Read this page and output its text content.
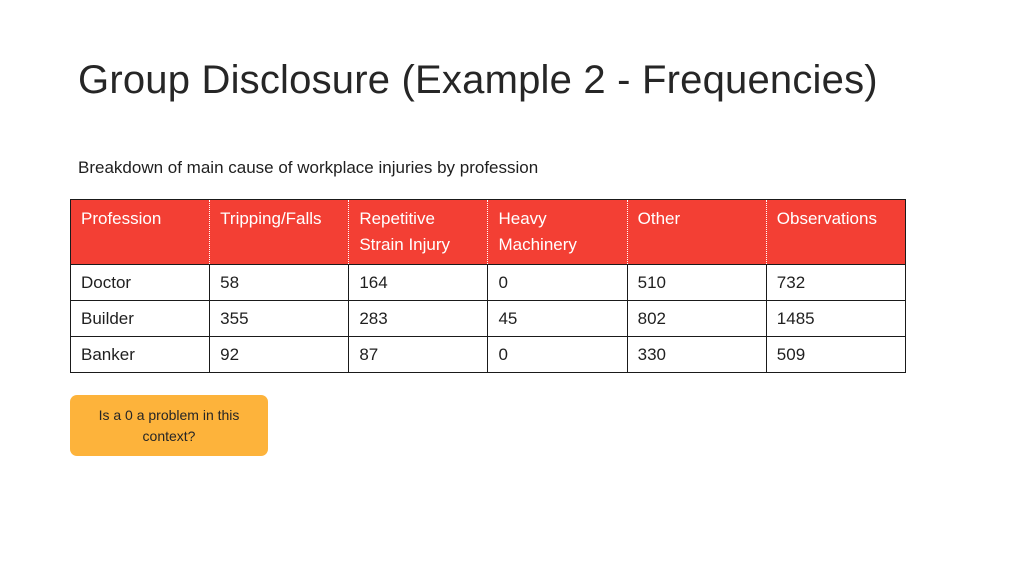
Group Disclosure (Example 2 - Frequencies)
Breakdown of main cause of workplace injuries by profession
Profession	Tripping/Falls	Repetitive Strain Injury	Heavy Machinery	Other	Observations
Doctor	58	164	0	510	732
Builder	355	283	45	802	1485
Banker	92	87	0	330	509
Is a 0 a problem in this context?
